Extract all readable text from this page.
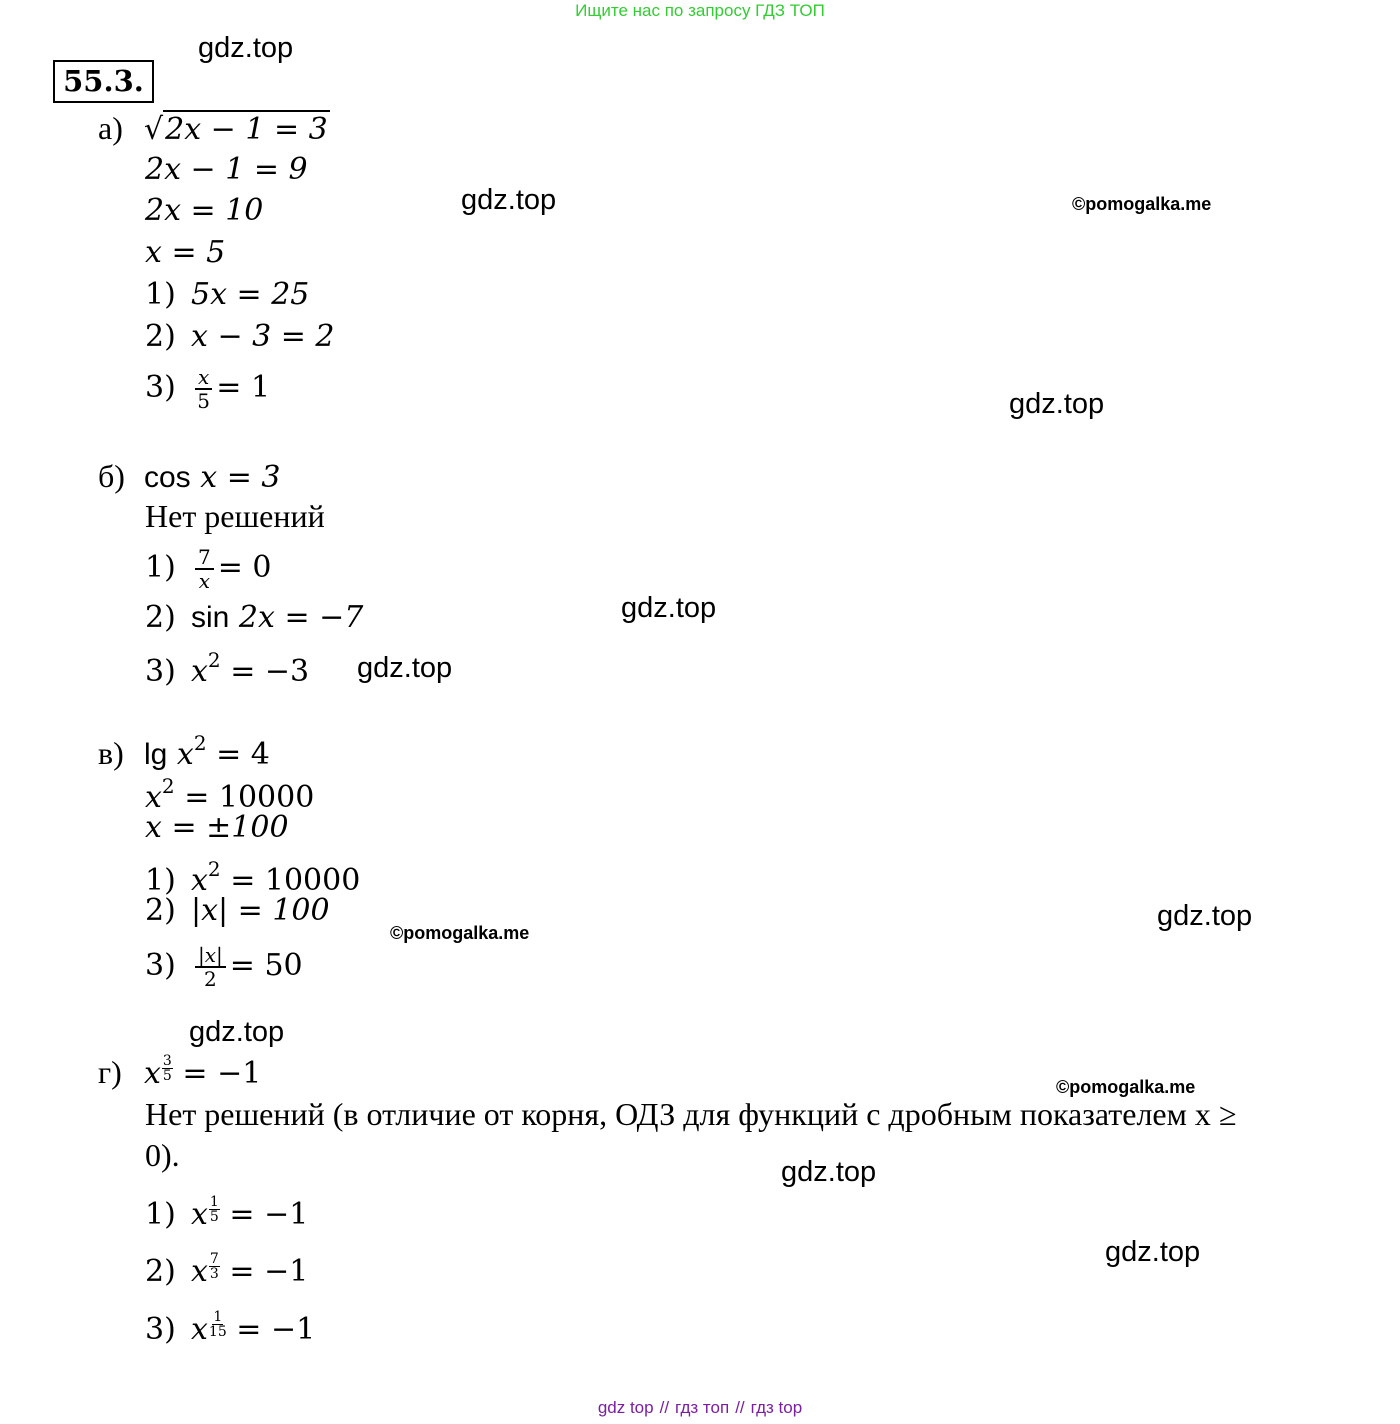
Ищите нас по запросу ГДЗ ТОП
55.3.
gdz.top
gdz.top	©pomogalka.me
gdz.top
gdz.top
gdz.top
gdz.top
©pomogalka.me
gdz.top
©pomogalka.me
gdz.top
gdz.top
а) √2x − 1 = 3
2x − 1 = 9
2x = 10
x = 5
1) 5x = 25
2) x − 3 = 2
$3) \frac{x}{5} = 1$
б) cos x = 3
Нет решений
$1) \frac{7}{x} = 0$
2) sin 2x = −7
3) $x^2 = -3$
в) $\lg x^2 = 4$
$x^2 = 10000$
x = ±100
1) $x^2 = 10000$
2) |x| = 100
$3) \frac{|x|}{2} = 50$
г) x $\frac{3}{5} = -1$
Нет решений (в отличие от корня, ОДЗ для функций с дробным показателем x ≥
0).
1) x $\frac{1}{5} = -1$
2) x $\frac{7}{3} = -1$
3) x $\frac{1}{15} = -1$
gdz top // гдз топ // гдз top
